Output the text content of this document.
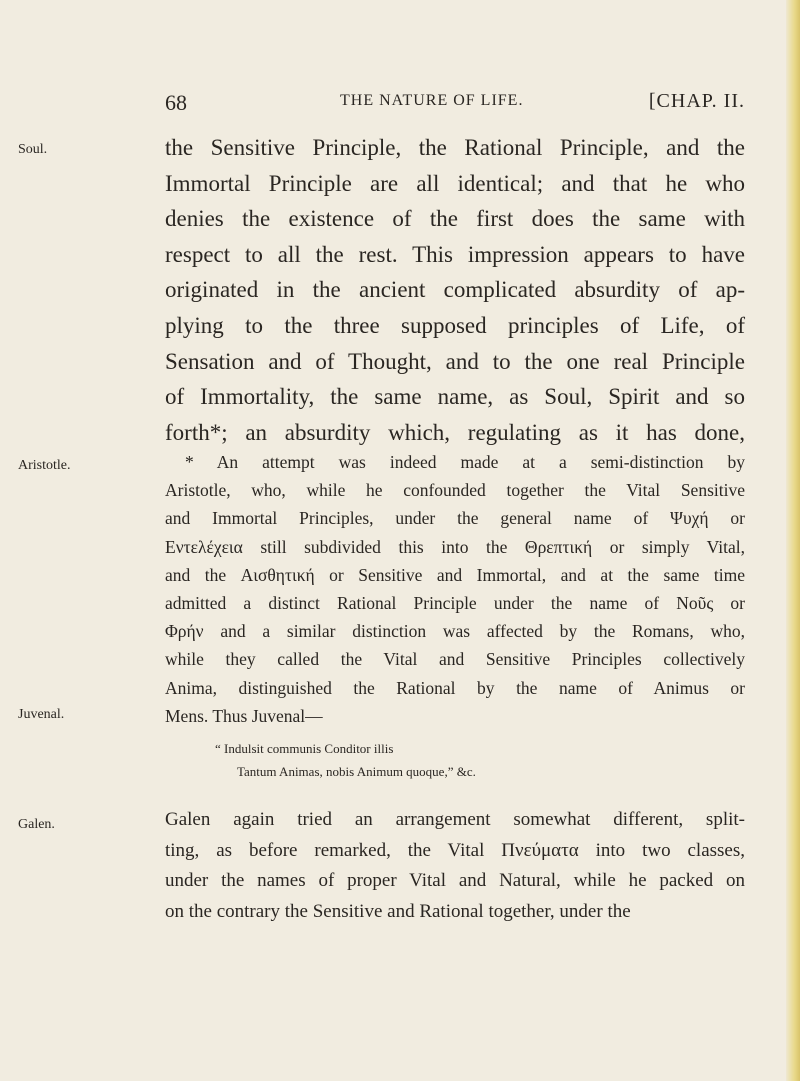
68	THE NATURE OF LIFE.	[CHAP. II.
Soul.
Aristotle.
Juvenal.
Galen.
the Sensitive Principle, the Rational Principle, and the
Immortal Principle are all identical; and that he who
denies the existence of the first does the same with
respect to all the rest. This impression appears to have
originated in the ancient complicated absurdity of ap-
plying to the three supposed principles of Life, of
Sensation and of Thought, and to the one real Principle
of Immortality, the same name, as Soul, Spirit and so
forth*; an absurdity which, regulating as it has done,
* An attempt was indeed made at a semi-distinction by
Aristotle, who, while he confounded together the Vital Sensitive
and Immortal Principles, under the general name of Ψυχή or
Εντελέχεια still subdivided this into the Θρεπτική or simply Vital,
and the Αισθητική or Sensitive and Immortal, and at the same time
admitted a distinct Rational Principle under the name of Νοῦς or
Φρήν and a similar distinction was affected by the Romans, who,
while they called the Vital and Sensitive Principles collectively
Anima, distinguished the Rational by the name of Animus or
Mens. Thus Juvenal—
“ Indulsit communis Conditor illis
Tantum Animas, nobis Animum quoque,” &c.
Galen again tried an arrangement somewhat different, split-
ting, as before remarked, the Vital Πνεύματα into two classes,
under the names of proper Vital and Natural, while he packed on
on the contrary the Sensitive and Rational together, under the
